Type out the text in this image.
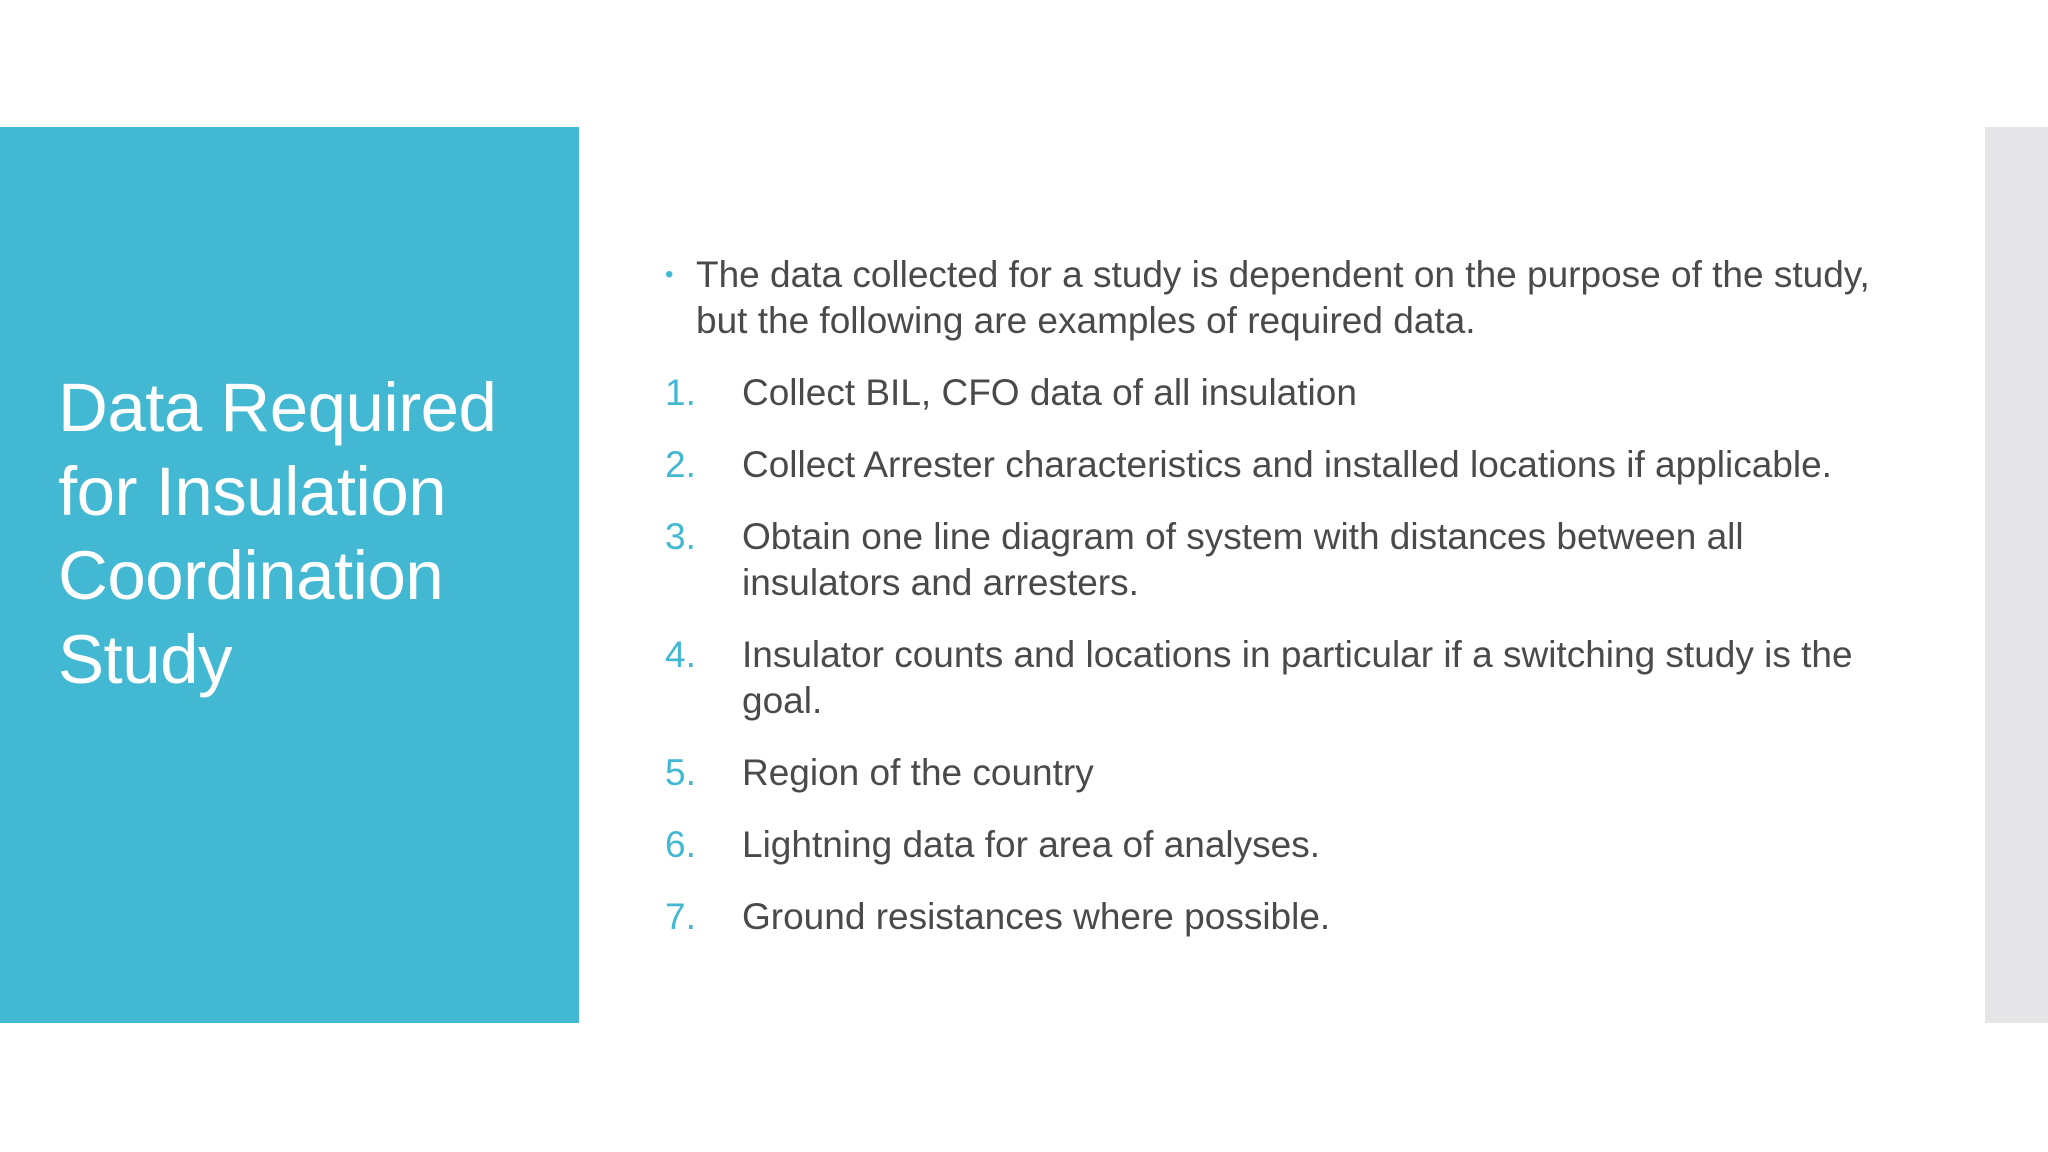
Data Required
for Insulation
Coordination
Study
• The data collected for a study is dependent on the purpose of the study, but the following are examples of required data.
1. Collect BIL, CFO data of all insulation
2. Collect Arrester characteristics and installed locations if applicable.
3. Obtain one line diagram of system with distances between all insulators and arresters.
4. Insulator counts and locations in particular if a switching study is the goal.
5. Region of the country
6. Lightning data for area of analyses.
7. Ground resistances where possible.
